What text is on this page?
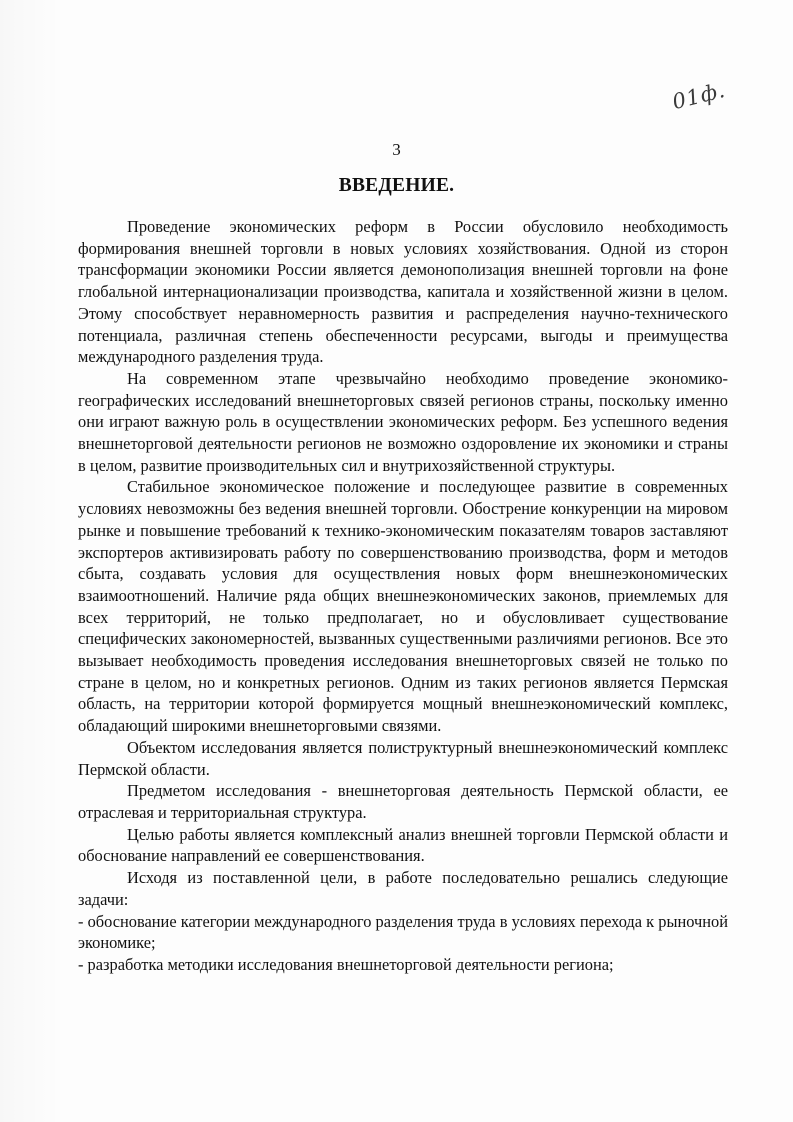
01ф.
3
ВВЕДЕНИЕ.

Проведение экономических реформ в России обусловило необходимость формирования внешней торговли в новых условиях хозяйствования. Одной из сторон трансформации экономики России является демонополизация внешней торговли на фоне глобальной интернационализации производства, капитала и хозяйственной жизни в целом. Этому способствует неравномерность развития и распределения научно-технического потенциала, различная степень обеспеченности ресурсами, выгоды и преимущества международного разделения труда.

На современном этапе чрезвычайно необходимо проведение экономико-географических исследований внешнеторговых связей регионов страны, поскольку именно они играют важную роль в осуществлении экономических реформ. Без успешного ведения внешнеторговой деятельности регионов не возможно оздоровление их экономики и страны в целом, развитие производительных сил и внутрихозяйственной структуры.

Стабильное экономическое положение и последующее развитие в современных условиях невозможны без ведения внешней торговли. Обострение конкуренции на мировом рынке и повышение требований к технико-экономическим показателям товаров заставляют экспортеров активизировать работу по совершенствованию производства, форм и методов сбыта, создавать условия для осуществления новых форм внешнеэкономических взаимоотношений. Наличие ряда общих внешнеэкономических законов, приемлемых для всех территорий, не только предполагает, но и обусловливает существование специфических закономерностей, вызванных существенными различиями регионов. Все это вызывает необходимость проведения исследования внешнеторговых связей не только по стране в целом, но и конкретных регионов. Одним из таких регионов является Пермская область, на территории которой формируется мощный внешнеэкономический комплекс, обладающий широкими внешнеторговыми связями.

Объектом исследования является полиструктурный внешнеэкономический комплекс Пермской области.

Предметом исследования - внешнеторговая деятельность Пермской области, ее отраслевая и территориальная структура.

Целью работы является комплексный анализ внешней торговли Пермской области и обоснование направлений ее совершенствования.

Исходя из поставленной цели, в работе последовательно решались следующие задачи:

- обоснование категории международного разделения труда в условиях перехода к рыночной экономике;

- разработка методики исследования внешнеторговой деятельности региона;
